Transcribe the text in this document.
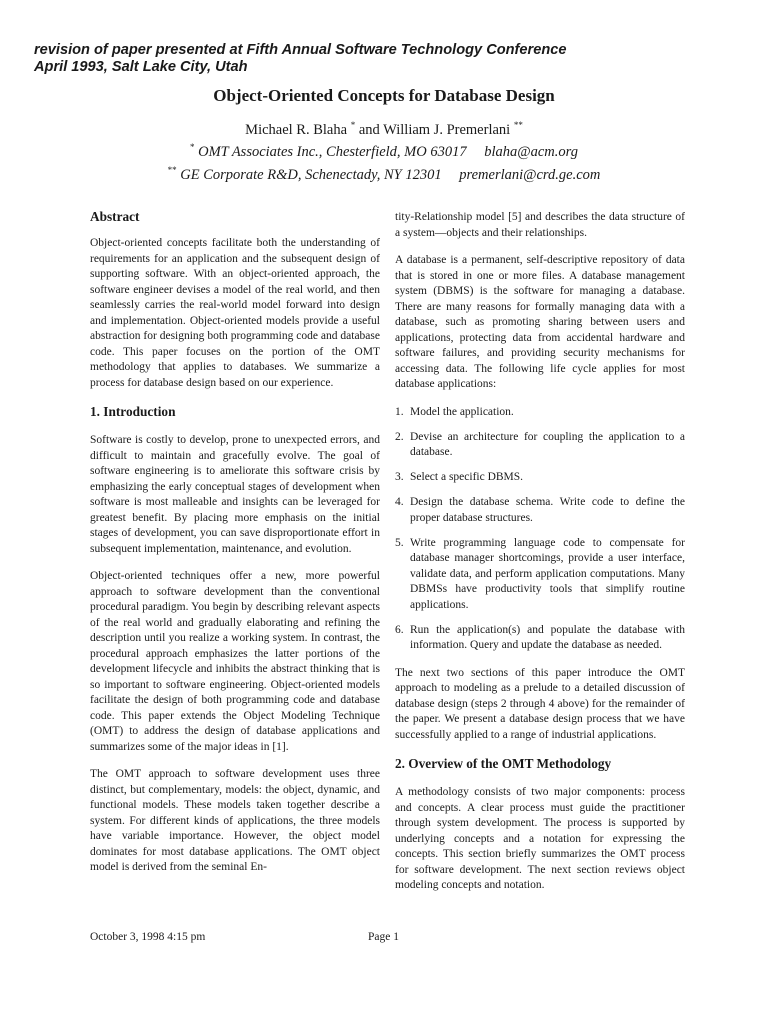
revision of paper presented at Fifth Annual Software Technology Conference
April 1993, Salt Lake City, Utah
Object-Oriented Concepts for Database Design
Michael R. Blaha * and William J. Premerlani **
* OMT Associates Inc., Chesterfield, MO 63017 blaha@acm.org
** GE Corporate R&D, Schenectady, NY 12301 premerlani@crd.ge.com
Abstract

Object-oriented concepts facilitate both the understanding of requirements for an application and the subsequent design of supporting software. With an object-oriented approach, the software engineer devises a model of the real world, and then seamlessly carries the real-world model forward into design and implementation. Object-oriented models provide a useful abstraction for designing both programming code and database code. This paper focuses on the portion of the OMT methodology that applies to databases. We summarize a process for database design based on our experience.

1. Introduction

Software is costly to develop, prone to unexpected errors, and difficult to maintain and gracefully evolve. The goal of software engineering is to ameliorate this software crisis by emphasizing the early conceptual stages of development when software is most malleable and insights can be leveraged for greatest benefit. By placing more emphasis on the initial stages of development, you can save disproportionate effort in subsequent implementation, maintenance, and evolution.

Object-oriented techniques offer a new, more powerful approach to software development than the conventional procedural paradigm. You begin by describing relevant aspects of the real world and gradually elaborating and refining the description until you realize a working system. In contrast, the procedural approach emphasizes the latter portions of the development lifecycle and inhibits the abstract thinking that is so important to software engineering. Object-oriented models facilitate the design of both programming code and database code. This paper extends the Object Modeling Technique (OMT) to address the design of database applications and summarizes some of the major ideas in [1].

The OMT approach to software development uses three distinct, but complementary, models: the object, dynamic, and functional models. These models taken together describe a system. For different kinds of applications, the three models have variable importance. However, the object model dominates for most database applications. The OMT object model is derived from the seminal En-

tity-Relationship model [5] and describes the data structure of a system—objects and their relationships.

A database is a permanent, self-descriptive repository of data that is stored in one or more files. A database management system (DBMS) is the software for managing a database. There are many reasons for formally managing data with a database, such as promoting sharing between users and applications, protecting data from accidental hardware and software failures, and providing security mechanisms for accessing data. The following life cycle applies for most database applications:

1. Model the application.
2. Devise an architecture for coupling the application to a database.
3. Select a specific DBMS.
4. Design the database schema. Write code to define the proper database structures.
5. Write programming language code to compensate for database manager shortcomings, provide a user interface, validate data, and perform application computations. Many DBMSs have productivity tools that simplify routine applications.
6. Run the application(s) and populate the database with information. Query and update the database as needed.

The next two sections of this paper introduce the OMT approach to modeling as a prelude to a detailed discussion of database design (steps 2 through 4 above) for the remainder of the paper. We present a database design process that we have successfully applied to a range of industrial applications.

2. Overview of the OMT Methodology

A methodology consists of two major components: process and concepts. A clear process must guide the practitioner through system development. The process is supported by underlying concepts and a notation for expressing the concepts. This section briefly summarizes the OMT process for software development. The next section reviews object modeling concepts and notation.

October 3, 1998 4:15 pm	Page 1
